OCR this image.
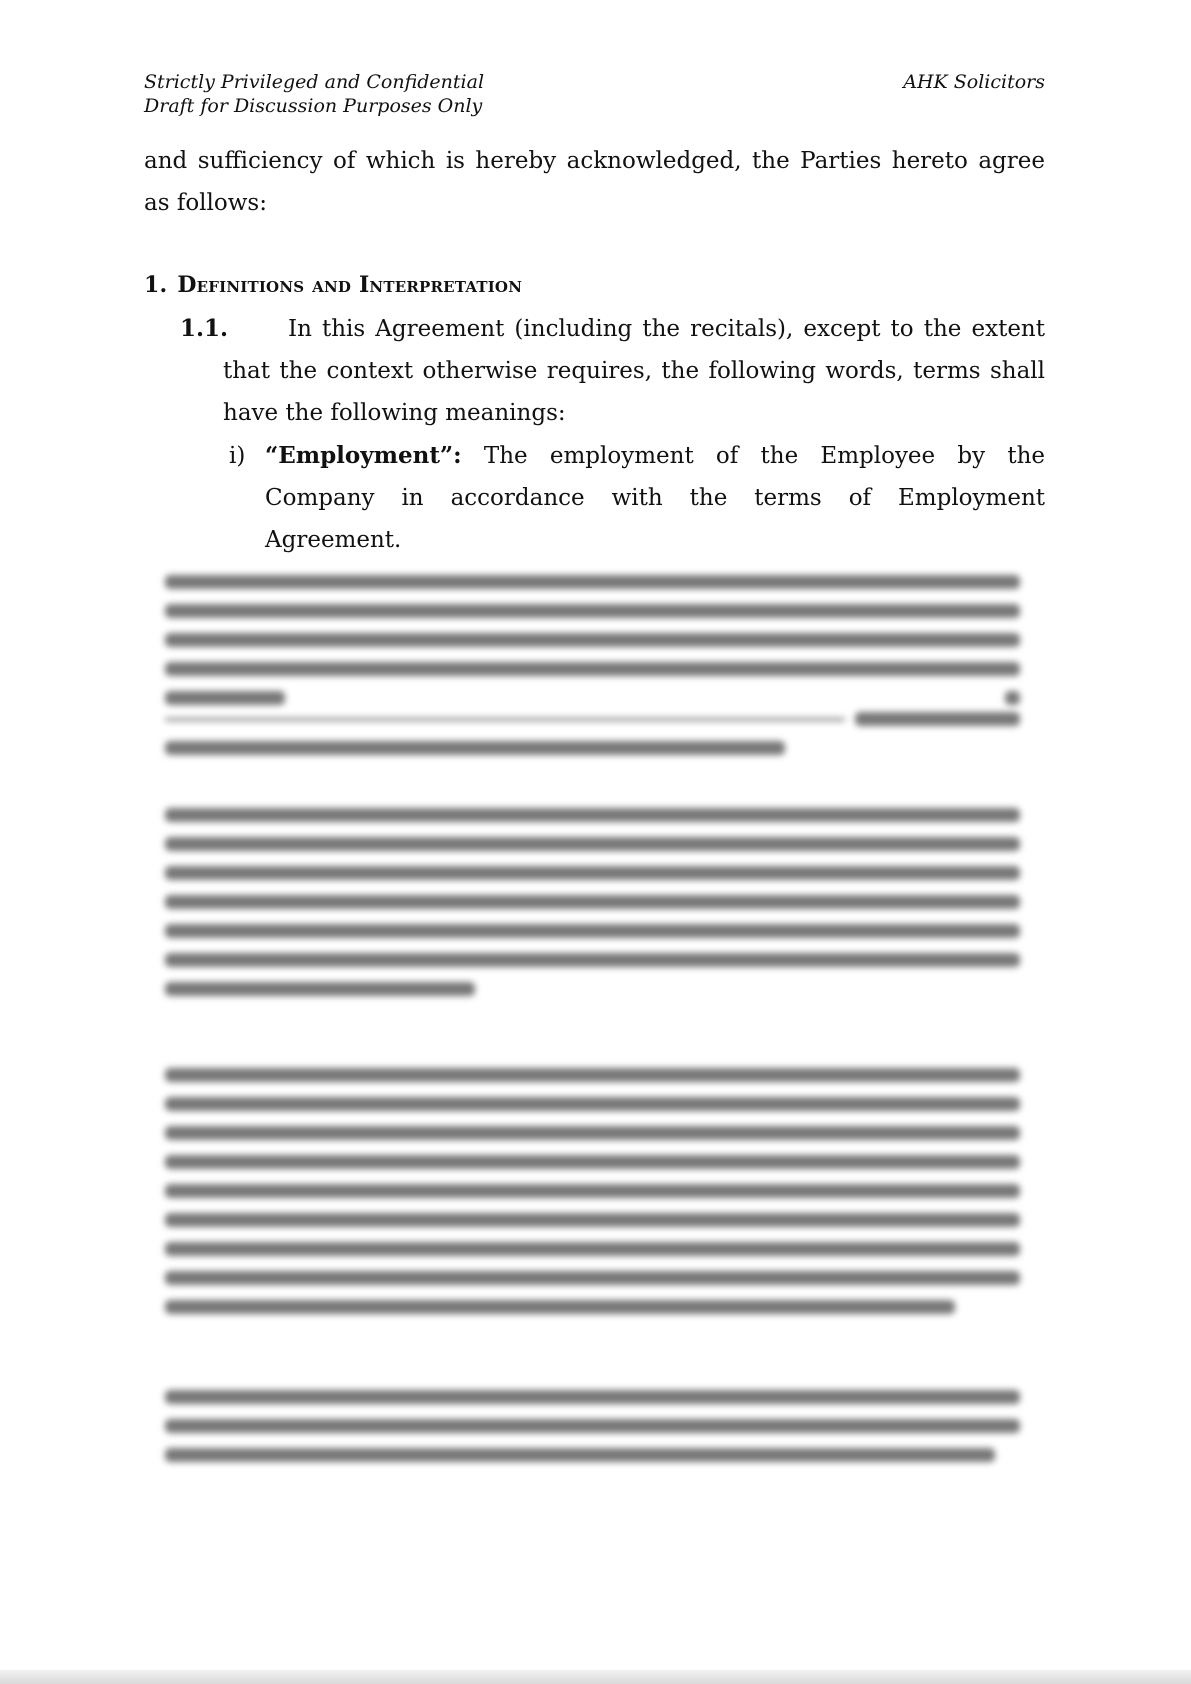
Strictly Privileged and Confidential
Draft for Discussion Purposes Only
AHK Solicitors
and sufficiency of which is hereby acknowledged, the Parties hereto agree as follows:
1. Definitions and Interpretation
1.1.	In this Agreement (including the recitals), except to the extent that the context otherwise requires, the following words, terms shall have the following meanings:
i) “Employment”: The employment of the Employee by the Company in accordance with the terms of Employment Agreement.
